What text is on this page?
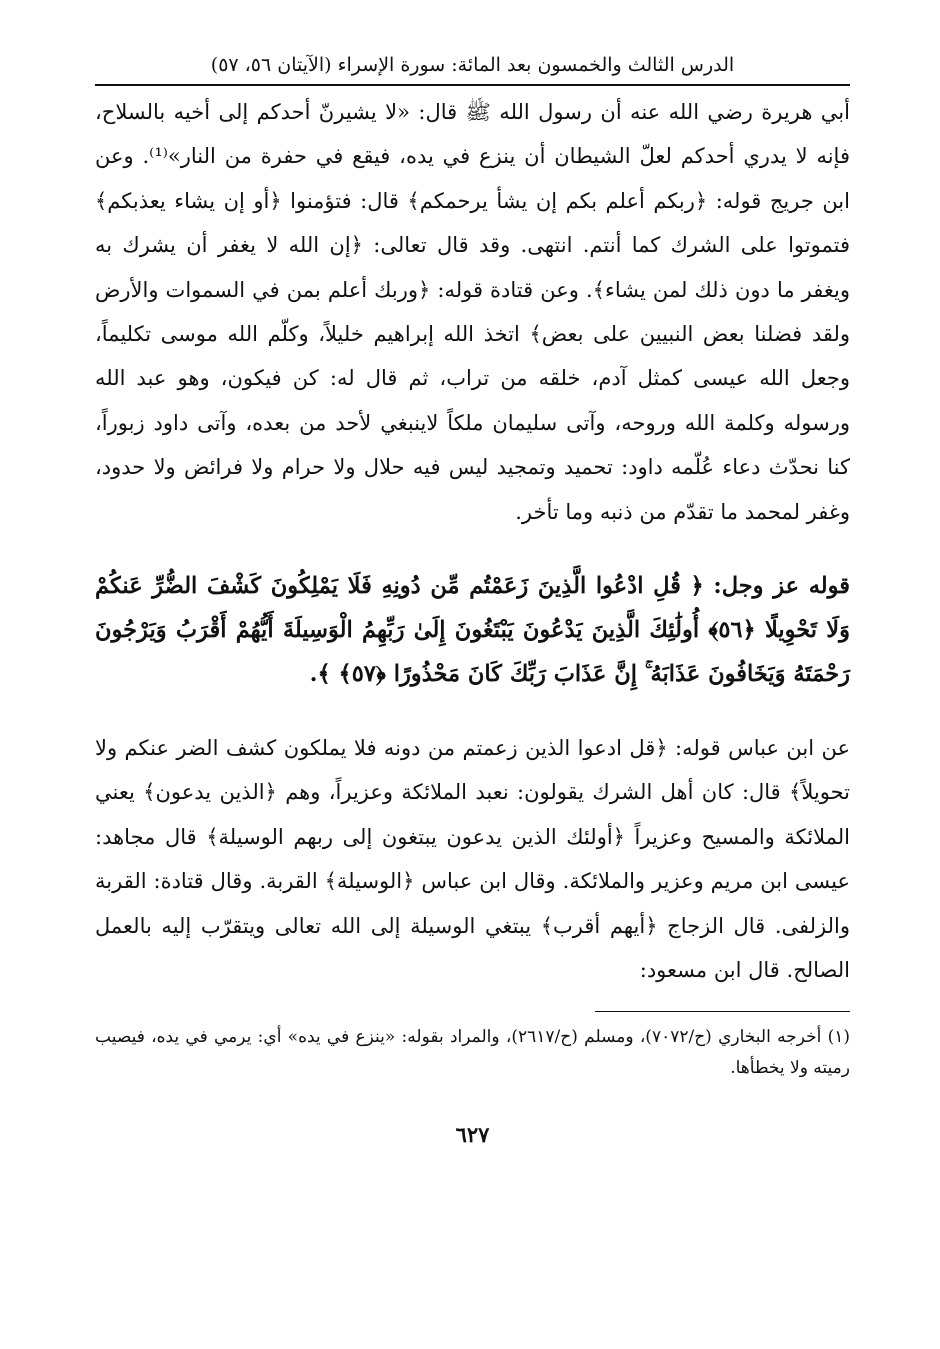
الدرس الثالث والخمسون بعد المائة: سورة الإسراء (الآيتان ٥٦، ٥٧)

أبي هريرة رضي الله عنه أن رسول الله ﷺ قال: «لا يشيرنّ أحدكم إلى أخيه بالسلاح، فإنه لا يدري أحدكم لعلّ الشيطان أن ينزع في يده، فيقع في حفرة من النار»⁽¹⁾. وعن ابن جريج قوله: ﴿ربكم أعلم بكم إن يشأ يرحمكم﴾ قال: فتؤمنوا ﴿أو إن يشاء يعذبكم﴾ فتموتوا على الشرك كما أنتم. انتهى. وقد قال تعالى: ﴿إن الله لا يغفر أن يشرك به ويغفر ما دون ذلك لمن يشاء﴾. وعن قتادة قوله: ﴿وربك أعلم بمن في السموات والأرض ولقد فضلنا بعض النبيين على بعض﴾ اتخذ الله إبراهيم خليلاً، وكلّم الله موسى تكليماً، وجعل الله عيسى كمثل آدم، خلقه من تراب، ثم قال له: كن فيكون، وهو عبد الله ورسوله وكلمة الله وروحه، وآتى سليمان ملكاً لاينبغي لأحد من بعده، وآتى داود زبوراً، كنا نحدّث دعاء عُلّمه داود: تحميد وتمجيد ليس فيه حلال ولا حرام ولا فرائض ولا حدود، وغفر لمحمد ما تقدّم من ذنبه وما تأخر.

قوله عز وجل: ﴿ قُلِ ادْعُوا الَّذِينَ زَعَمْتُم مِّن دُونِهِ فَلَا يَمْلِكُونَ كَشْفَ الضُّرِّ عَنكُمْ وَلَا تَحْوِيلًا ﴿٥٦﴾ أُولَٰئِكَ الَّذِينَ يَدْعُونَ يَبْتَغُونَ إِلَىٰ رَبِّهِمُ الْوَسِيلَةَ أَيُّهُمْ أَقْرَبُ وَيَرْجُونَ رَحْمَتَهُ وَيَخَافُونَ عَذَابَهُ ۚ إِنَّ عَذَابَ رَبِّكَ كَانَ مَحْذُورًا ﴿٥٧﴾ ﴾.

عن ابن عباس قوله: ﴿قل ادعوا الذين زعمتم من دونه فلا يملكون كشف الضر عنكم ولا تحويلاً﴾ قال: كان أهل الشرك يقولون: نعبد الملائكة وعزيراً، وهم ﴿الذين يدعون﴾ يعني الملائكة والمسيح وعزيراً ﴿أولئك الذين يدعون يبتغون إلى ربهم الوسيلة﴾ قال مجاهد: عيسى ابن مريم وعزير والملائكة. وقال ابن عباس ﴿الوسيلة﴾ القربة. وقال قتادة: القربة والزلفى. قال الزجاج ﴿أيهم أقرب﴾ يبتغي الوسيلة إلى الله تعالى ويتقرّب إليه بالعمل الصالح. قال ابن مسعود:

(١) أخرجه البخاري (ح/٧٠٧٢)، ومسلم (ح/٢٦١٧)، والمراد بقوله: «ينزع في يده» أي: يرمي في يده، فيصيب رميته ولا يخطأها.
٦٢٧
